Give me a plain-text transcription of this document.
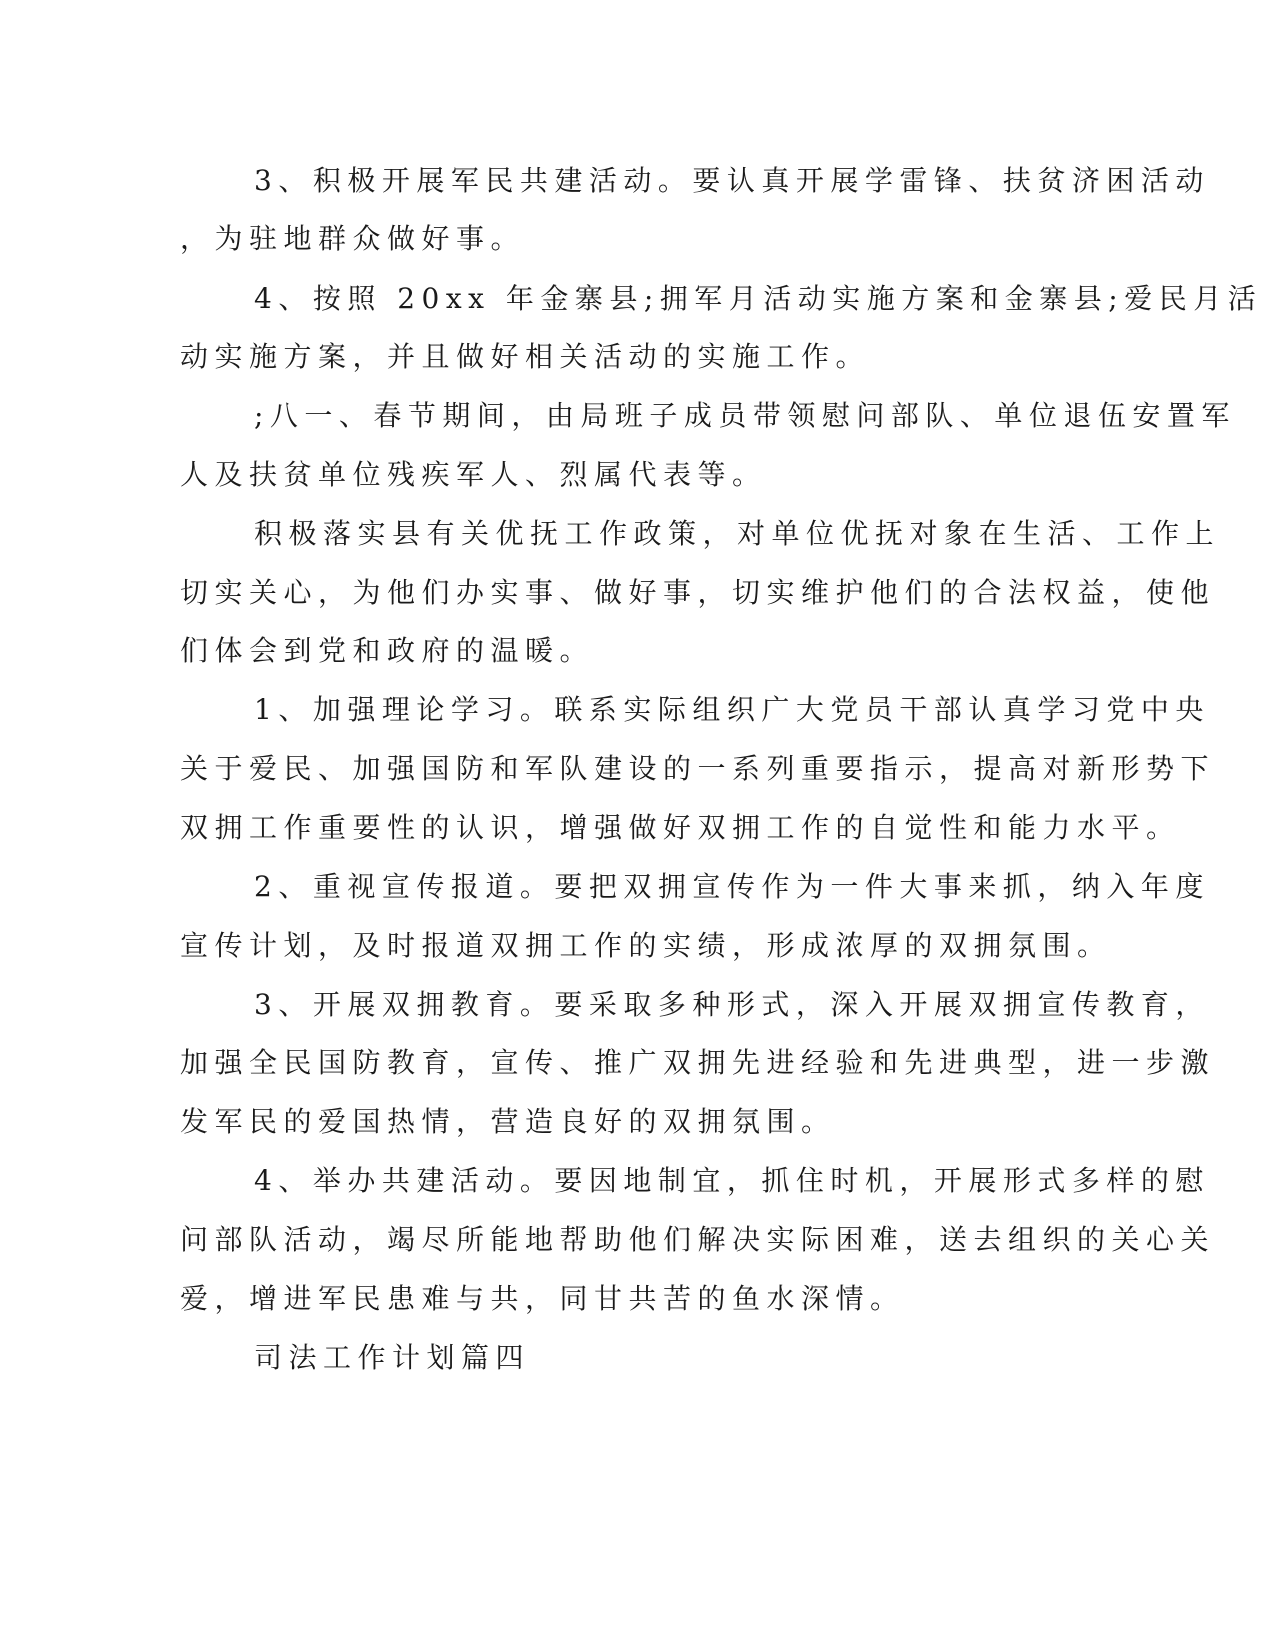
3、积极开展军民共建活动。要认真开展学雷锋、扶贫济困活动

，为驻地群众做好事。

4、按照 20xx 年金寨县;拥军月活动实施方案和金寨县;爱民月活

动实施方案，并且做好相关活动的实施工作。

;八一、春节期间，由局班子成员带领慰问部队、单位退伍安置军

人及扶贫单位残疾军人、烈属代表等。

积极落实县有关优抚工作政策，对单位优抚对象在生活、工作上

切实关心，为他们办实事、做好事，切实维护他们的合法权益，使他

们体会到党和政府的温暖。

1、加强理论学习。联系实际组织广大党员干部认真学习党中央

关于爱民、加强国防和军队建设的一系列重要指示，提高对新形势下

双拥工作重要性的认识，增强做好双拥工作的自觉性和能力水平。

2、重视宣传报道。要把双拥宣传作为一件大事来抓，纳入年度

宣传计划，及时报道双拥工作的实绩，形成浓厚的双拥氛围。

3、开展双拥教育。要采取多种形式，深入开展双拥宣传教育，

加强全民国防教育，宣传、推广双拥先进经验和先进典型，进一步激

发军民的爱国热情，营造良好的双拥氛围。

4、举办共建活动。要因地制宜，抓住时机，开展形式多样的慰

问部队活动，竭尽所能地帮助他们解决实际困难，送去组织的关心关

爱，增进军民患难与共，同甘共苦的鱼水深情。

司法工作计划篇四
